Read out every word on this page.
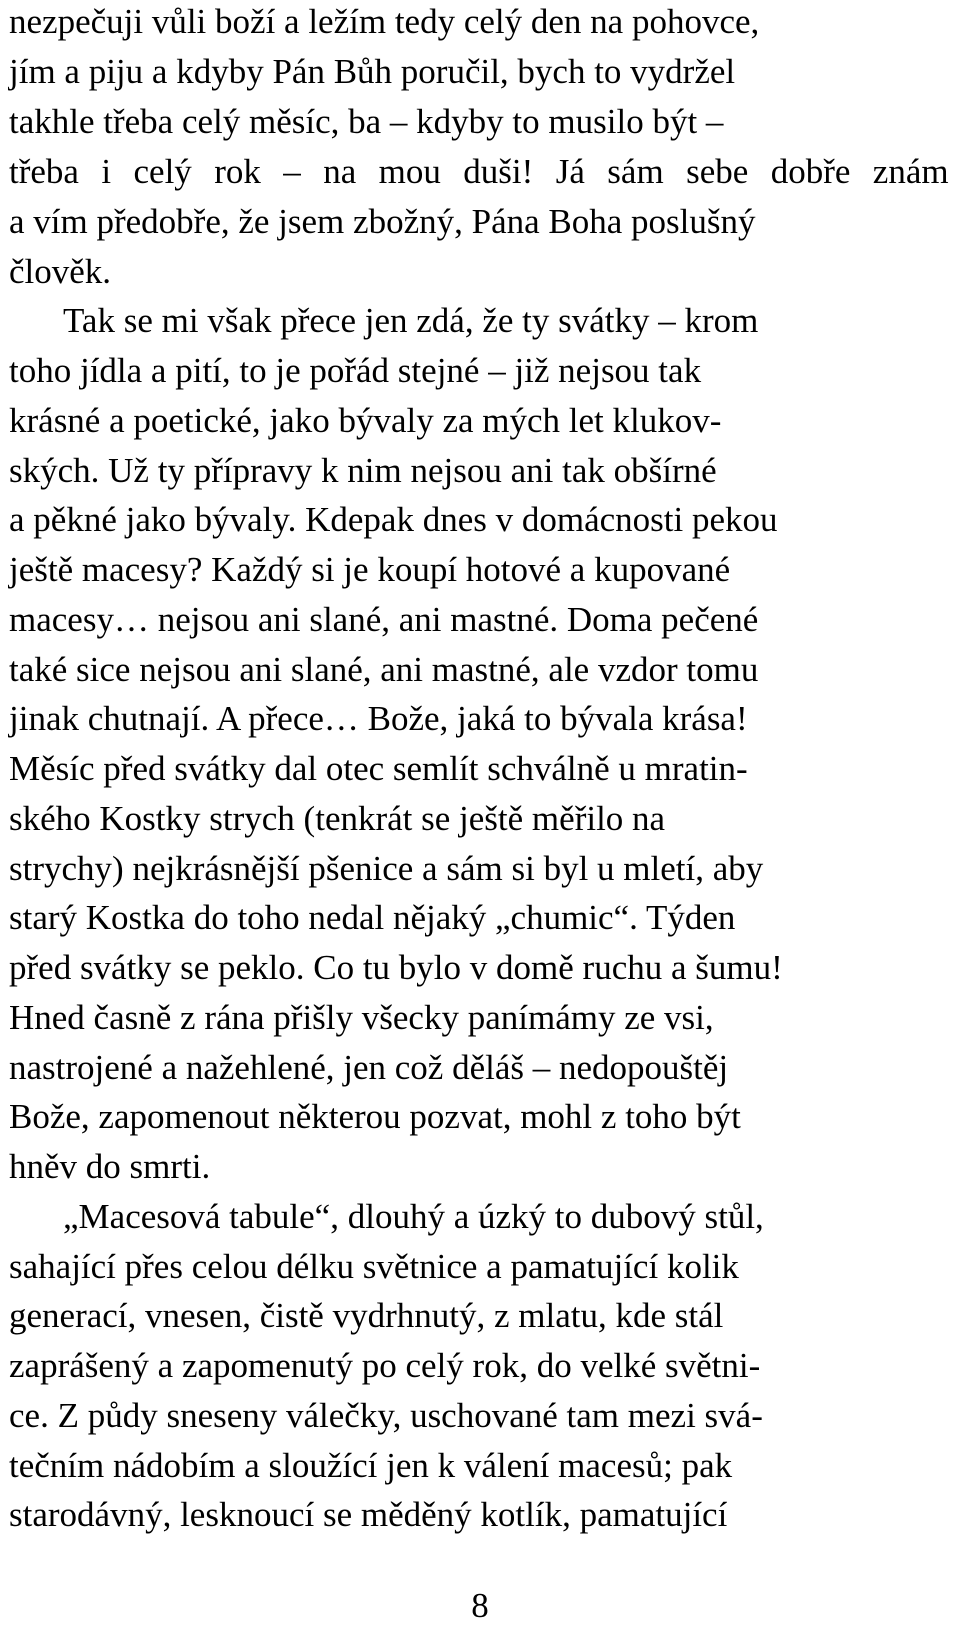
nezpečuji vůli boží a ležím tedy celý den na pohovce,
jím a piju a kdyby Pán Bůh poručil, bych to vydržel
takhle třeba celý měsíc, ba – kdyby to musilo být –
třeba i celý rok – na mou duši! Já sám sebe dobře znám
a vím předobře, že jsem zbožný, Pána Boha poslušný
člověk.
Tak se mi však přece jen zdá, že ty svátky – krom
toho jídla a pití, to je pořád stejné – již nejsou tak
krásné a poetické, jako bývaly za mých let klukov-
ských. Už ty přípravy k nim nejsou ani tak obšírné
a pěkné jako bývaly. Kdepak dnes v domácnosti pekou
ještě macesy? Každý si je koupí hotové a kupované
macesy… nejsou ani slané, ani mastné. Doma pečené
také sice nejsou ani slané, ani mastné, ale vzdor tomu
jinak chutnají. A přece… Bože, jaká to bývala krása!
Měsíc před svátky dal otec semlít schválně u mratin-
ského Kostky strych (tenkrát se ještě měřilo na
strychy) nejkrásnější pšenice a sám si byl u mletí, aby
starý Kostka do toho nedal nějaký „chumic“. Týden
před svátky se peklo. Co tu bylo v domě ruchu a šumu!
Hned časně z rána přišly všecky panímámy ze vsi,
nastrojené a nažehlené, jen což děláš – nedopouštěj
Bože, zapomenout některou pozvat, mohl z toho být
hněv do smrti.
„Macesová tabule“, dlouhý a úzký to dubový stůl,
sahající přes celou délku světnice a pamatující kolik
generací, vnesen, čistě vydrhnutý, z mlatu, kde stál
zaprášený a zapomenutý po celý rok, do velké světni-
ce. Z půdy sneseny válečky, uschované tam mezi svá-
tečním nádobím a sloužící jen k válení macesů; pak
starodávný, lesknoucí se měděný kotlík, pamatující
8
